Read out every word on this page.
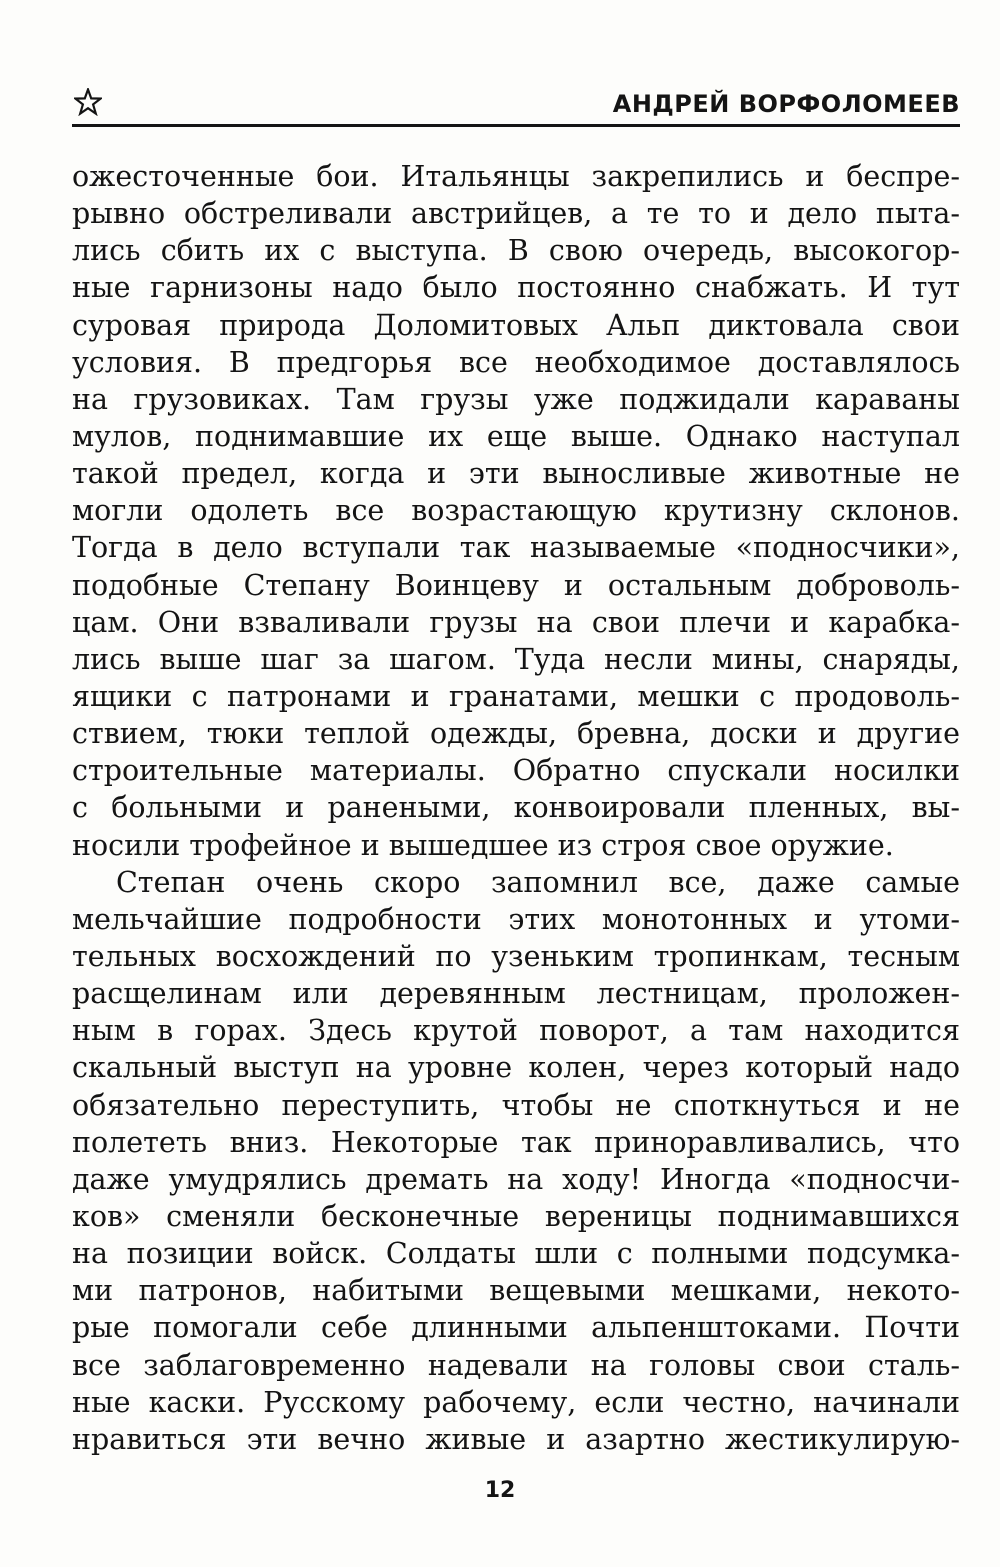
АНДРЕЙ ВОРФОЛОМЕЕВ
ожесточенные бои. Итальянцы закрепились и беспре-
рывно обстреливали австрийцев, а те то и дело пыта-
лись сбить их с выступа. В свою очередь, высокогор-
ные гарнизоны надо было постоянно снабжать. И тут
суровая природа Доломитовых Альп диктовала свои
условия. В предгорья все необходимое доставлялось
на грузовиках. Там грузы уже поджидали караваны
мулов, поднимавшие их еще выше. Однако наступал
такой предел, когда и эти выносливые животные не
могли одолеть все возрастающую крутизну склонов.
Тогда в дело вступали так называемые «подносчики»,
подобные Степану Воинцеву и остальным доброволь-
цам. Они взваливали грузы на свои плечи и карабка-
лись выше шаг за шагом. Туда несли мины, снаряды,
ящики с патронами и гранатами, мешки с продоволь-
ствием, тюки теплой одежды, бревна, доски и другие
строительные материалы. Обратно спускали носилки
с больными и ранеными, конвоировали пленных, вы-
носили трофейное и вышедшее из строя свое оружие.
Степан очень скоро запомнил все, даже самые
мельчайшие подробности этих монотонных и утоми-
тельных восхождений по узеньким тропинкам, тесным
расщелинам или деревянным лестницам, проложен-
ным в горах. Здесь крутой поворот, а там находится
скальный выступ на уровне колен, через который надо
обязательно переступить, чтобы не споткнуться и не
полететь вниз. Некоторые так приноравливались, что
даже умудрялись дремать на ходу! Иногда «подносчи-
ков» сменяли бесконечные вереницы поднимавшихся
на позиции войск. Солдаты шли с полными подсумка-
ми патронов, набитыми вещевыми мешками, некото-
рые помогали себе длинными альпенштоками. Почти
все заблаговременно надевали на головы свои сталь-
ные каски. Русскому рабочему, если честно, начинали
нравиться эти вечно живые и азартно жестикулирую-
12
